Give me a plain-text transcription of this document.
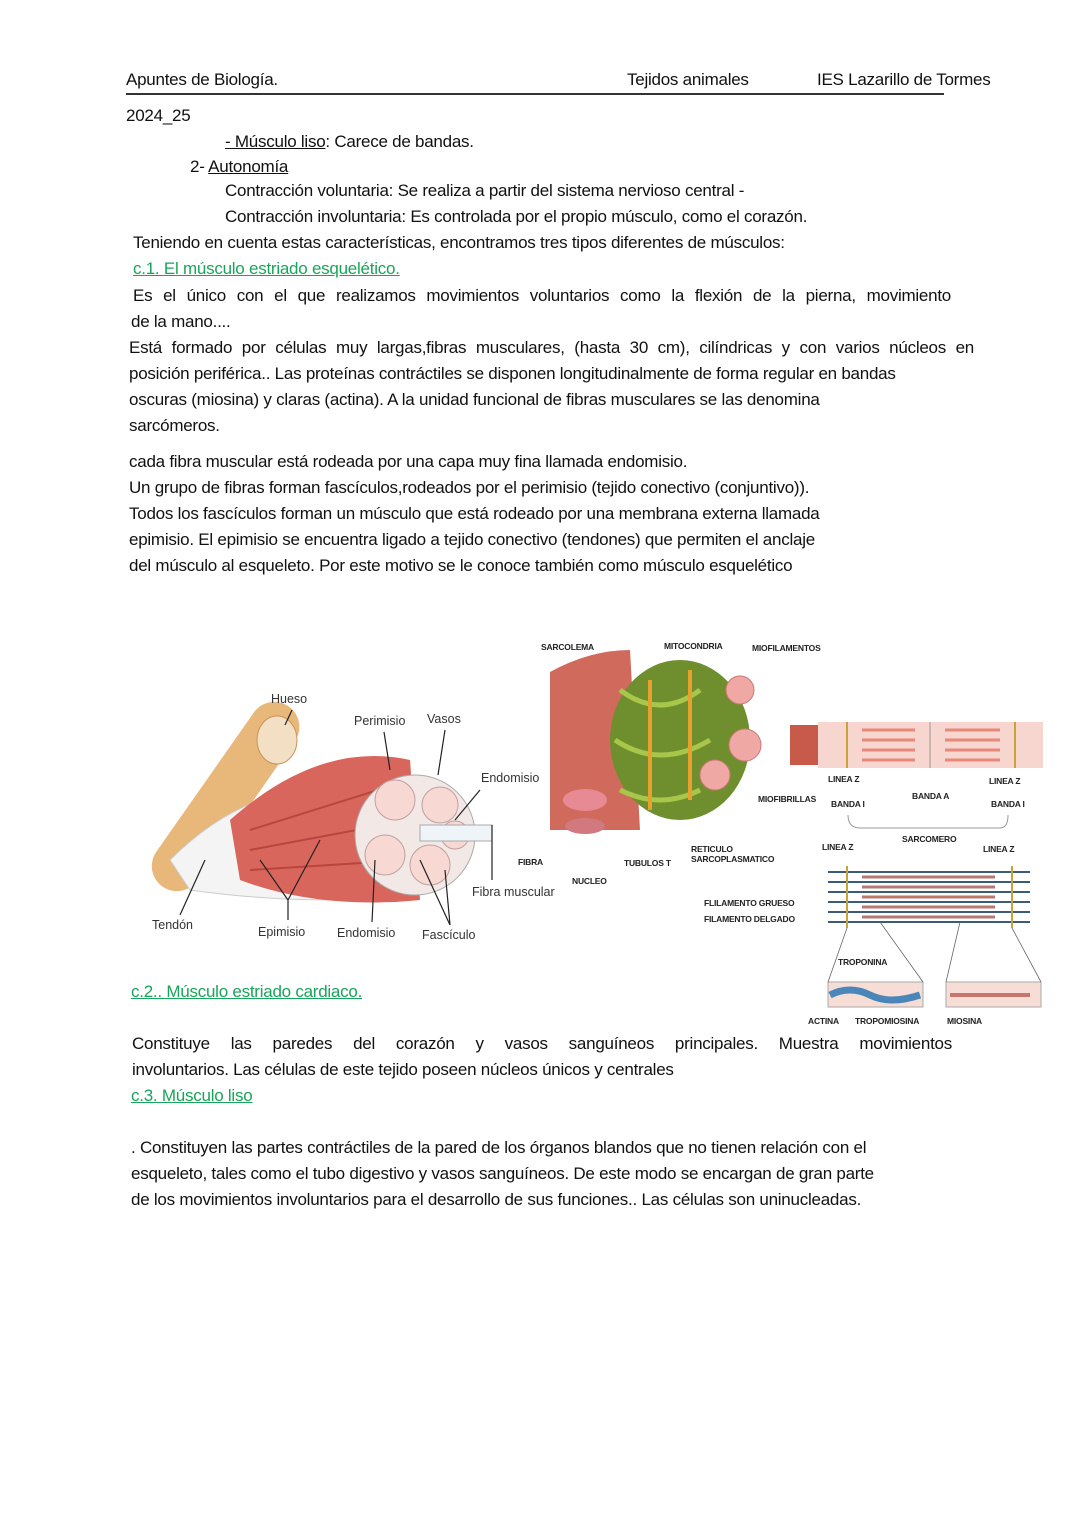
Apuntes de Biología.	Tejidos animales	IES Lazarillo de Tormes
2024_25
- Músculo liso: Carece de bandas.
2- Autonomía
Contracción voluntaria: Se realiza a partir del sistema nervioso central -
Contracción involuntaria: Es controlada por el propio músculo, como el corazón.
Teniendo en cuenta estas características, encontramos tres tipos diferentes de músculos:
c.1. El músculo estriado esquelético.
Es el único con el que realizamos movimientos voluntarios como la flexión de la pierna, movimiento
de la mano....
Está formado por células muy largas,fibras musculares, (hasta 30 cm), cilíndricas y con varios núcleos en
posición periférica.. Las proteínas contráctiles se disponen longitudinalmente de forma regular en bandas
oscuras (miosina) y claras (actina). A la unidad funcional de fibras musculares se las denomina
sarcómeros.
cada fibra muscular está rodeada por una capa muy fina llamada endomisio.
Un grupo de fibras forman fascículos,rodeados por el perimisio (tejido conectivo (conjuntivo)).
Todos los fascículos forman un músculo que está rodeado por una membrana externa llamada
epimisio. El epimisio se encuentra ligado a tejido conectivo (tendones) que permiten el anclaje
del músculo al esqueleto. Por este motivo se le conoce también como músculo esquelético
Hueso
Perimisio Vasos
Endomisio
Fibra muscular
Tendón	Epimisio	Endomisio Fascículo
SARCOLEMA	MITOCONDRIA	MIOFILAMENTOS
MIOFIBRILLAS
LINEA Z	LINEA Z
BANDA I
BANDA A
BANDA I
SARCOMERO
LINEA Z	LINEA Z
FIBRA
NUCLEO
TUBULOS T
RETICULO
SARCOPLASMATICO
FLILAMENTO GRUESO
FILAMENTO DELGADO
TROPONINA
ACTINA TROPOMIOSINA	MIOSINA
c.2.. Músculo estriado cardiaco.
Constituye las paredes del corazón y vasos sanguíneos principales. Muestra movimientos
involuntarios. Las células de este tejido poseen núcleos únicos y centrales
c.3. Músculo liso
. Constituyen las partes contráctiles de la pared de los órganos blandos que no tienen relación con el
esqueleto, tales como el tubo digestivo y vasos sanguíneos. De este modo se encargan de gran parte
de los movimientos involuntarios para el desarrollo de sus funciones.. Las células son uninucleadas.
